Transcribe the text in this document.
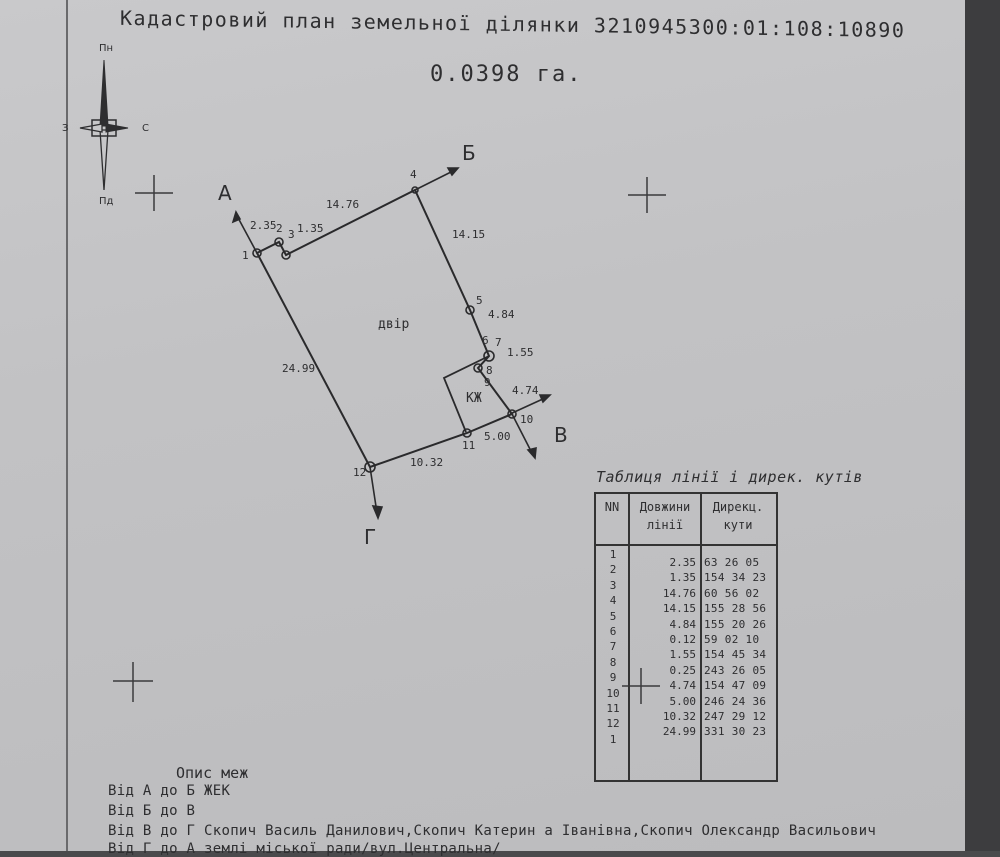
Кадастровий план земельної ділянки 3210945300:01:108:10890
0.0398 га.
Пн
Пд
З	С
А
Б
В
Г
двір
КЖ
1
2 3
4
5
6 7
8
9
10
11
12
2.35 1.35
14.76
14.15
4.84
1.55
4.74
5.00
10.32
24.99
Таблиця лінії і дирек. кутів
NN	Довжини лінії
Дирекц. кути
1
2
3
4
5
6
7
8
9
10
11
12
1
2.35 63 26 05
1.35 154 34 23
14.76 60 56 02
14.15 155 28 56
4.84 155 20 26
0.12 59 02 10
1.55 154 45 34
0.25 243 26 05
4.74 154 47 09
5.00 246 24 36
10.32 247 29 12
24.99 331 30 23
Опис меж
Від А до Б ЖЕК
Від Б до В
Від В до Г Скопич Василь Данилович,Скопич Катерин а Іванівна,Скопич Олександр Васильович
Від Г до А землі міської ради/вул.Центральна/
